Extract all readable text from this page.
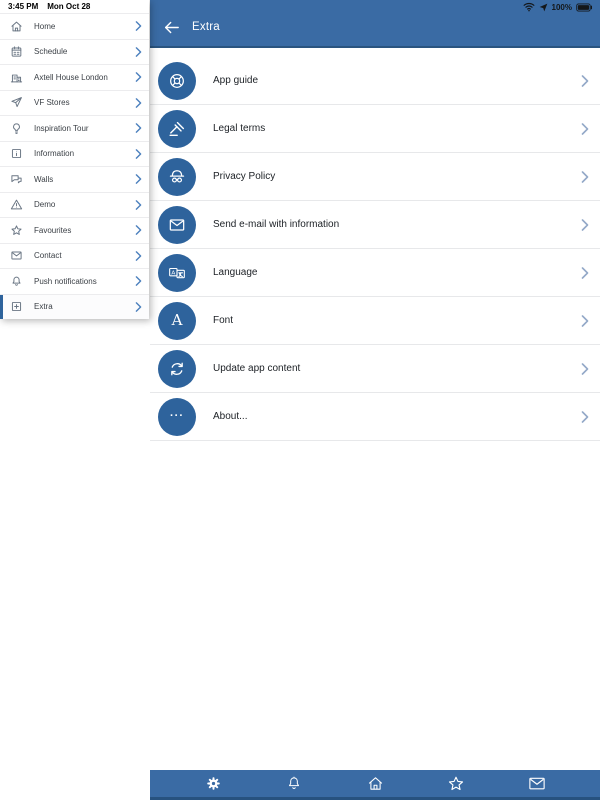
100%
Extra
App guide
Legal terms
Privacy Policy
Send e-mail with information
A	Language
A	Font
Update app content
···	About...
3:45 PM Mon Oct 28
Home
Schedule
Axtell House London
VF Stores
Inspiration Tour
Information
Walls
Demo
Favourites
Contact
Push notifications
Extra
